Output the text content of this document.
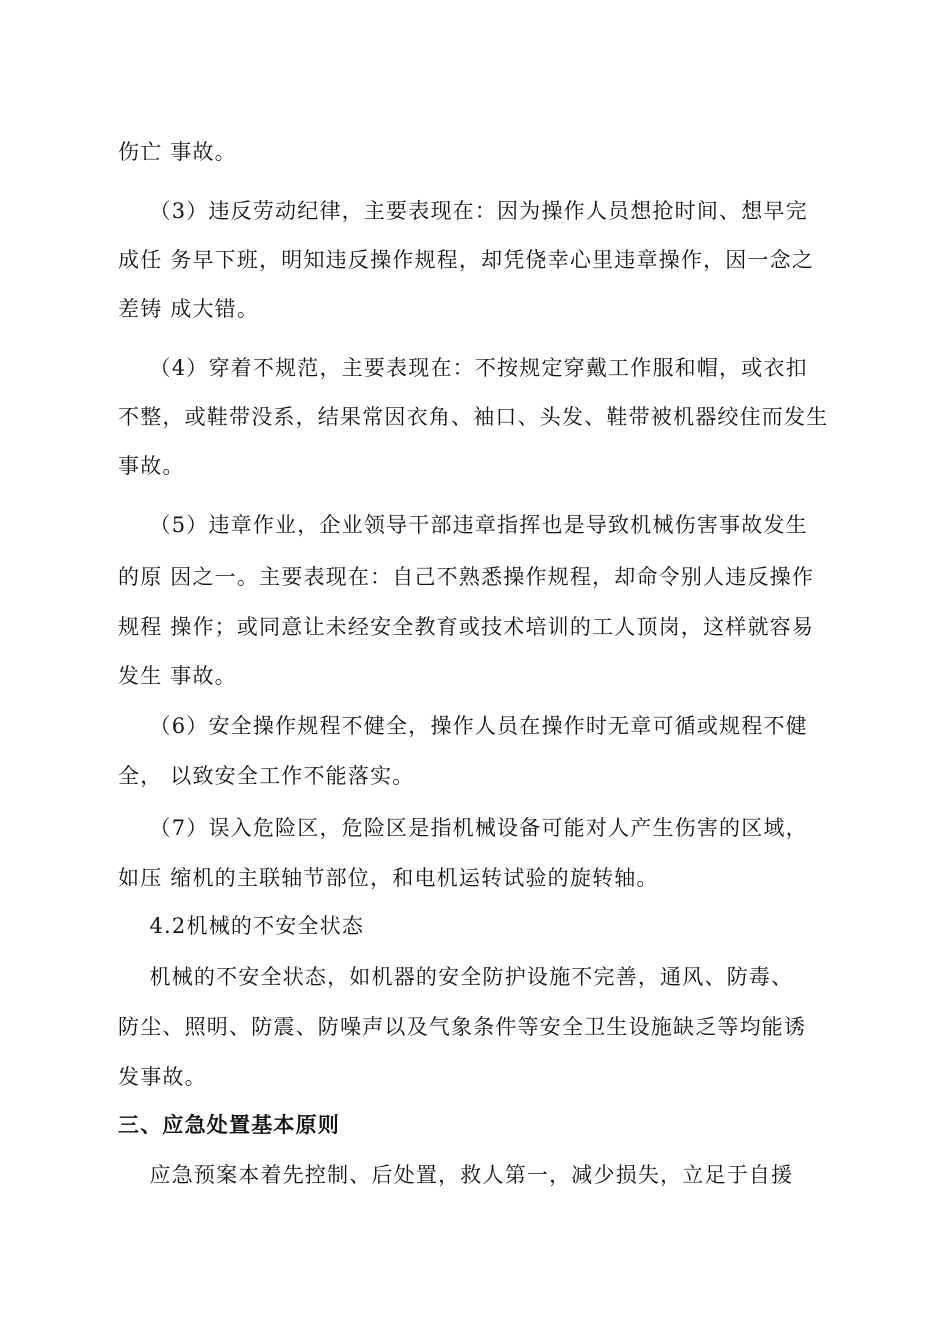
伤亡 事故。
（3）违反劳动纪律，主要表现在：因为操作人员想抢时间、想早完
成任 务早下班，明知违反操作规程，却凭侥幸心里违章操作，因一念之
差铸 成大错。
（4）穿着不规范，主要表现在：不按规定穿戴工作服和帽，或衣扣
不整，或鞋带没系，结果常因衣角、袖口、头发、鞋带被机器绞住而发生
事故。
（5）违章作业，企业领导干部违章指挥也是导致机械伤害事故发生
的原 因之一。主要表现在：自己不熟悉操作规程，却命令别人违反操作
规程 操作；或同意让未经安全教育或技术培训的工人顶岗，这样就容易
发生 事故。
（6）安全操作规程不健全，操作人员在操作时无章可循或规程不健
全， 以致安全工作不能落实。
（7）误入危险区，危险区是指机械设备可能对人产生伤害的区域，
如压 缩机的主联轴节部位，和电机运转试验的旋转轴。
4.2机械的不安全状态
机械的不安全状态，如机器的安全防护设施不完善，通风、防毒、
防尘、照明、防震、防噪声以及气象条件等安全卫生设施缺乏等均能诱
发事故。
三、应急处置基本原则
应急预案本着先控制、后处置，救人第一，减少损失，立足于自援
